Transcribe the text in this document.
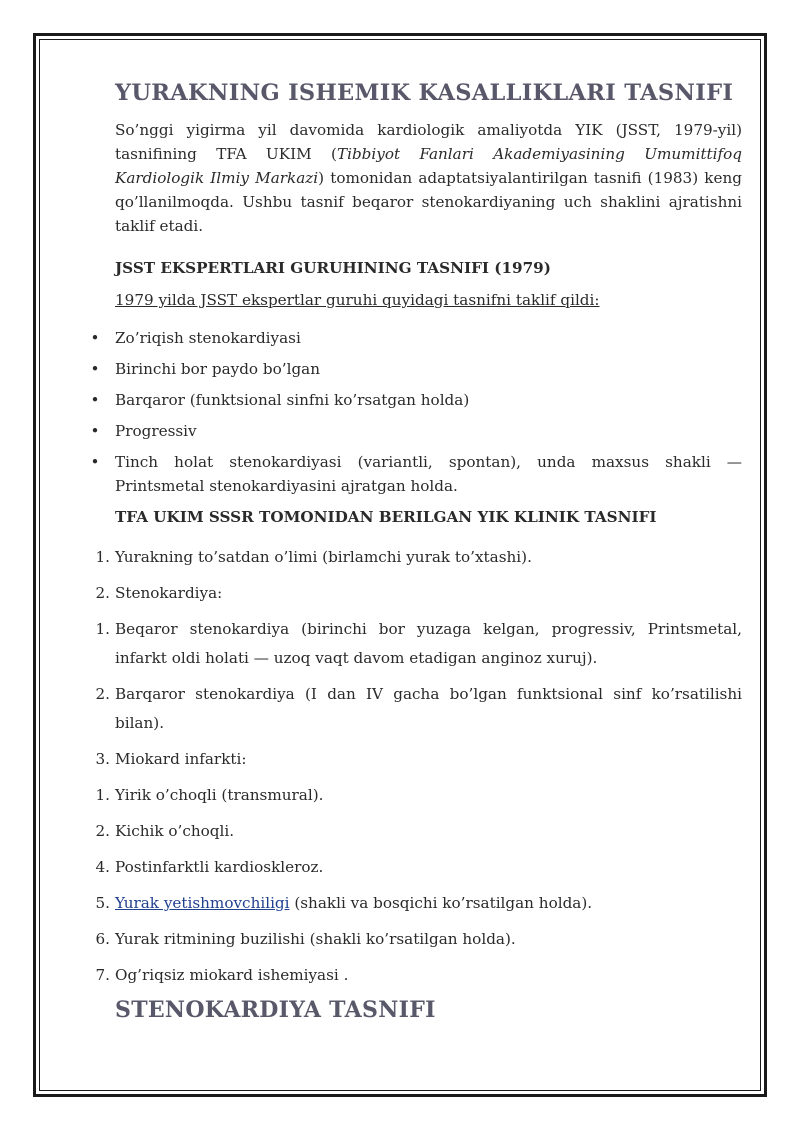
YURAKNING ISHEMIK KASALLIKLARI TASNIFI

So’nggi yigirma yil davomida kardiologik amaliyotda YIK (JSST, 1979-yil) tasnifining TFA UKIM (Tibbiyot Fanlari Akademiyasining Umumittifoq Kardiologik Ilmiy Markazi) tomonidan adaptatsiyalantirilgan tasnifi (1983) keng qo’llanilmoqda. Ushbu tasnif beqaror stenokardiyaning uch shaklini ajratishni taklif etadi.

JSST EKSPERTLARI GURUHINING TASNIFI (1979)
1979 yilda JSST ekspertlar guruhi quyidagi tasnifni taklif qildi:
• Zo’riqish stenokardiyasi
• Birinchi bor paydo bo’lgan
• Barqaror (funktsional sinfni ko’rsatgan holda)
• Progressiv
• Tinch holat stenokardiyasi (variantli, spontan), unda maxsus shakli — Printsmetal stenokardiyasini ajratgan holda.
TFA UKIM SSSR TOMONIDAN BERILGAN YIK KLINIK TASNIFI
1. Yurakning to’satdan o’limi (birlamchi yurak to’xtashi).
2. Stenokardiya:
1. Beqaror stenokardiya (birinchi bor yuzaga kelgan, progressiv, Printsmetal, infarkt oldi holati — uzoq vaqt davom etadigan anginoz xuruj).
2. Barqaror stenokardiya (I dan IV gacha bo’lgan funktsional sinf ko’rsatilishi bilan).
3. Miokard infarkti:
1. Yirik o’choqli (transmural).
2. Kichik o’choqli.
4. Postinfarktli kardioskleroz.
5. Yurak yetishmovchiligi (shakli va bosqichi ko’rsatilgan holda).
6. Yurak ritmining buzilishi (shakli ko’rsatilgan holda).
7. Og’riqsiz miokard ishemiyasi .
STENOKARDIYA TASNIFI
